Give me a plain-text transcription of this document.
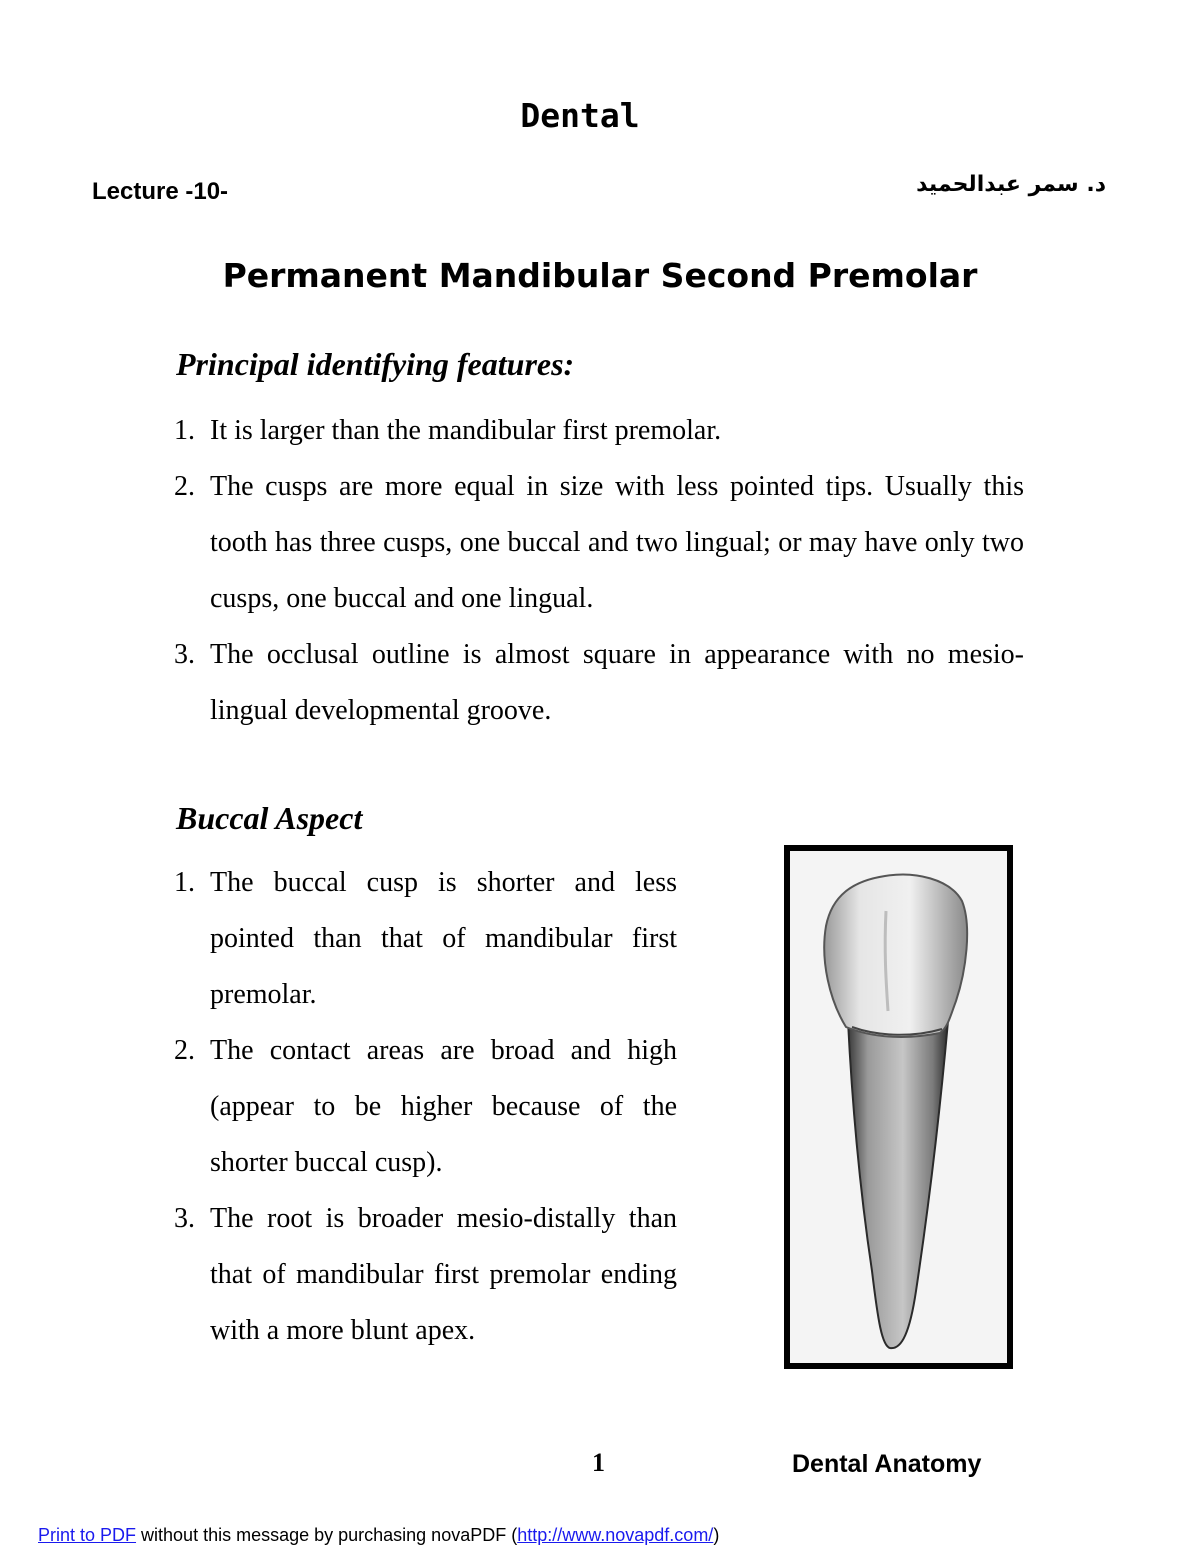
Dental
Lecture -10-	د. سمر عبدالحميد
Permanent Mandibular Second Premolar
Principal identifying features:
1. It is larger than the mandibular first premolar.
2. The cusps are more equal in size with less pointed tips. Usually this tooth has three cusps, one buccal and two lingual; or may have only two cusps, one buccal and one lingual.
3. The occlusal outline is almost square in appearance with no mesio-lingual developmental groove.
Buccal Aspect
1. The buccal cusp is shorter and less pointed than that of mandibular first premolar.
2. The contact areas are broad and high (appear to be higher because of the shorter buccal cusp).
3. The root is broader mesio-distally than that of mandibular first premolar ending with a more blunt apex.
1	Dental Anatomy
Print to PDF without this message by purchasing novaPDF (http://www.novapdf.com/)
